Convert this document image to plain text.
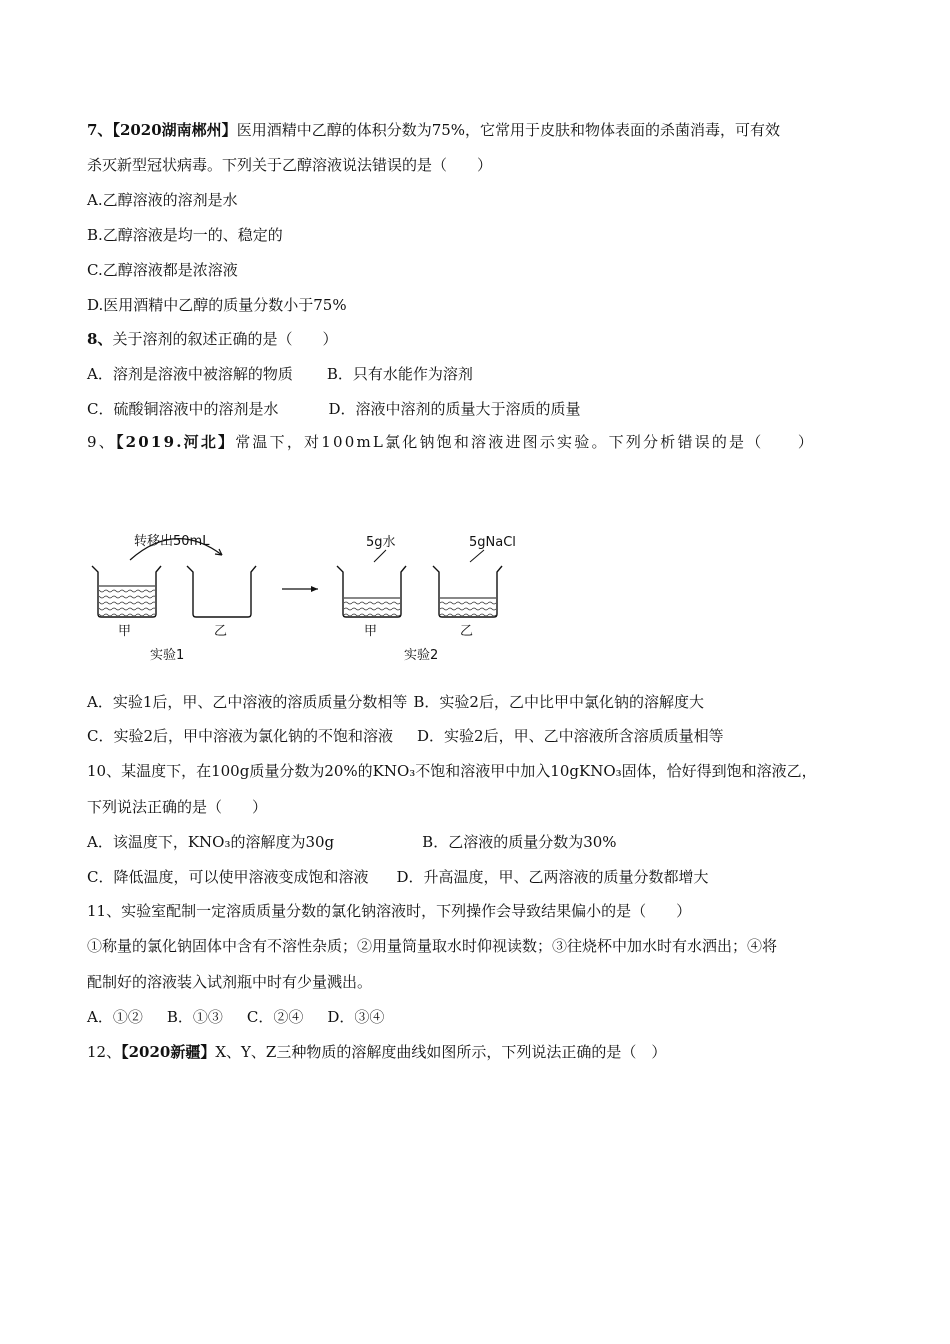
7、【2020湖南郴州】医用酒精中乙醇的体积分数为75%，它常用于皮肤和物体表面的杀菌消毒，可有效
杀灭新型冠状病毒。下列关于乙醇溶液说法错误的是（　　）
A.乙醇溶液的溶剂是水
B.乙醇溶液是均一的、稳定的
C.乙醇溶液都是浓溶液
D.医用酒精中乙醇的质量分数小于75%
8、关于溶剂的叙述正确的是（　　）
A．溶剂是溶液中被溶解的物质 B．只有水能作为溶剂
C．硫酸铜溶液中的溶剂是水	D．溶液中溶剂的质量大于溶质的质量
9、【2019.河北】常温下，对100mL氯化钠饱和溶液进图示实验。下列分析错误的是（　　）
转移出50mL
甲	乙
实验1
5g水	5gNaCl
甲	乙
实验2
A．实验1后，甲、乙中溶液的溶质质量分数相等 B．实验2后，乙中比甲中氯化钠的溶解度大
C．实验2后，甲中溶液为氯化钠的不饱和溶液 D．实验2后，甲、乙中溶液所含溶质质量相等
10、某温度下，在100g质量分数为20%的KNO₃不饱和溶液甲中加入10gKNO₃固体，恰好得到饱和溶液乙，
下列说法正确的是（　　）
A．该温度下，KNO₃的溶解度为30g	B．乙溶液的质量分数为30%
C．降低温度，可以使甲溶液变成饱和溶液 D．升高温度，甲、乙两溶液的质量分数都增大
11、实验室配制一定溶质质量分数的氯化钠溶液时，下列操作会导致结果偏小的是（　　）
①称量的氯化钠固体中含有不溶性杂质；②用量筒量取水时仰视读数；③往烧杯中加水时有水洒出；④将
配制好的溶液装入试剂瓶中时有少量溅出。
A．①② B．①③ C．②④ D．③④
12、【2020新疆】X、Y、Z三种物质的溶解度曲线如图所示，下列说法正确的是（　）
